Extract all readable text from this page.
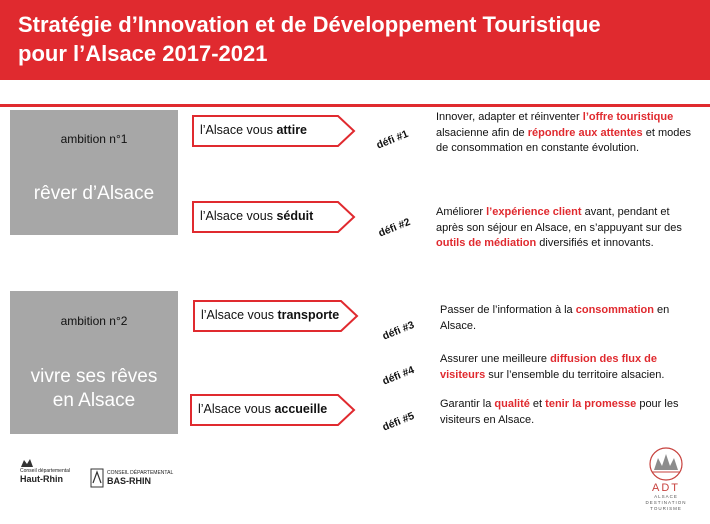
Stratégie d’Innovation et de Développement Touristique
pour l’Alsace 2017-2021
ambition n°1
rêver d’Alsace
ambition n°2
vivre ses rêves
en Alsace
l’Alsace vous attire
l’Alsace vous séduit
l’Alsace vous transporte
l’Alsace vous accueille
défi #1
défi #2
défi #3
défi #4
défi #5
Innover, adapter et réinventer l’offre touristique alsacienne afin de répondre aux attentes et modes de consommation en constante évolution.
Améliorer l’expérience client avant, pendant et après son séjour en Alsace, en s’appuyant sur des outils de médiation diversifiés et innovants.
Passer de l’information à la consommation en Alsace.
Assurer une meilleure diffusion des flux de visiteurs sur l’ensemble du territoire alsacien.
Garantir la qualité et tenir la promesse pour les visiteurs en Alsace.
Conseil départemental
Haut-Rhin
CONSEIL DÉPARTEMENTAL
BAS-RHIN
ADT
ALSACE
DESTINATION
TOURISME
